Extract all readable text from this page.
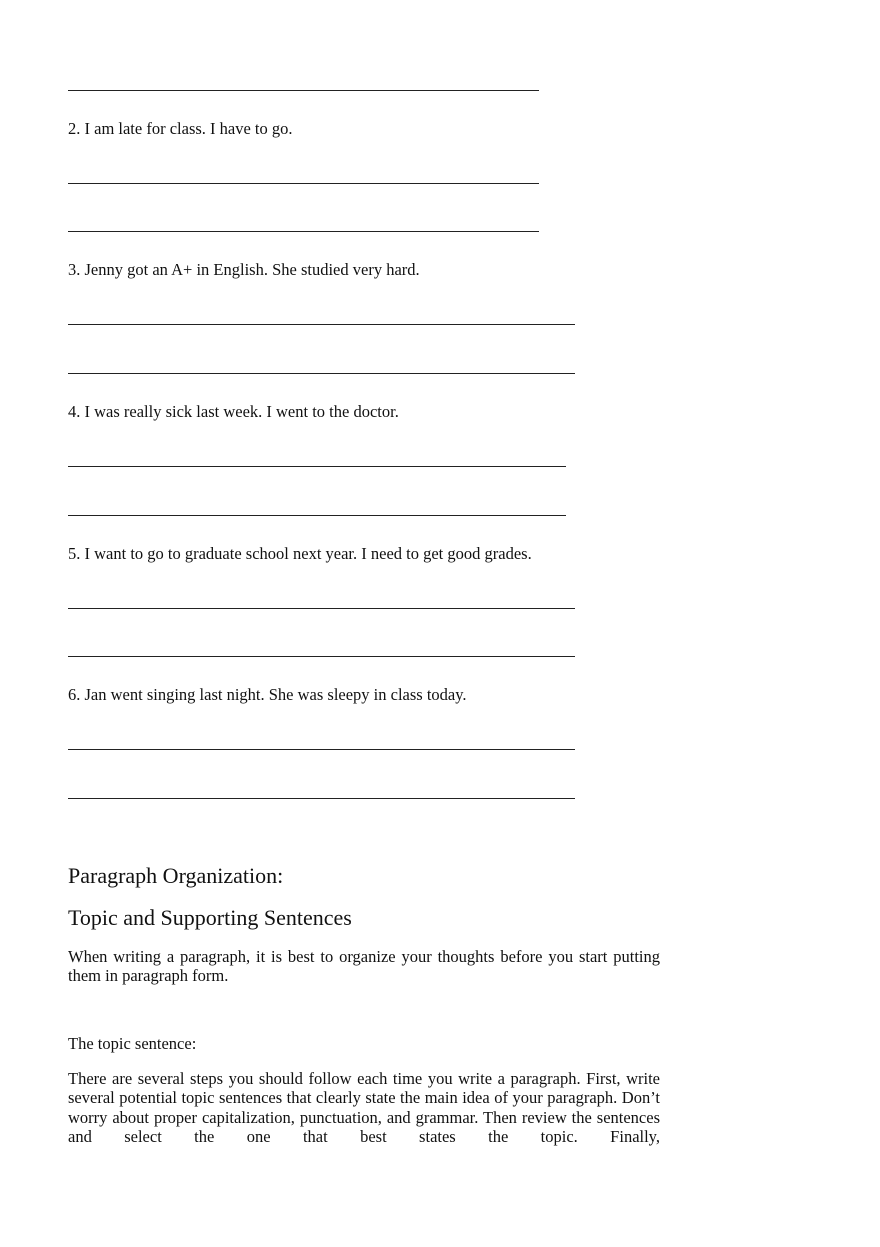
2. I am late for class. I have to go.
3. Jenny got an A+ in English. She studied very hard.
4. I was really sick last week. I went to the doctor.
5. I want to go to graduate school next year. I need to get good grades.
6. Jan went singing last night. She was sleepy in class today.
Paragraph Organization:
Topic and Supporting Sentences
When writing a paragraph, it is best to organize your thoughts before you start putting them in paragraph form.
The topic sentence:
There are several steps you should follow each time you write a paragraph. First, write several potential topic sentences that clearly state the main idea of your paragraph. Don’t worry about proper capitalization, punctuation, and grammar. Then review the sentences and select the one that best states the topic. Finally,
